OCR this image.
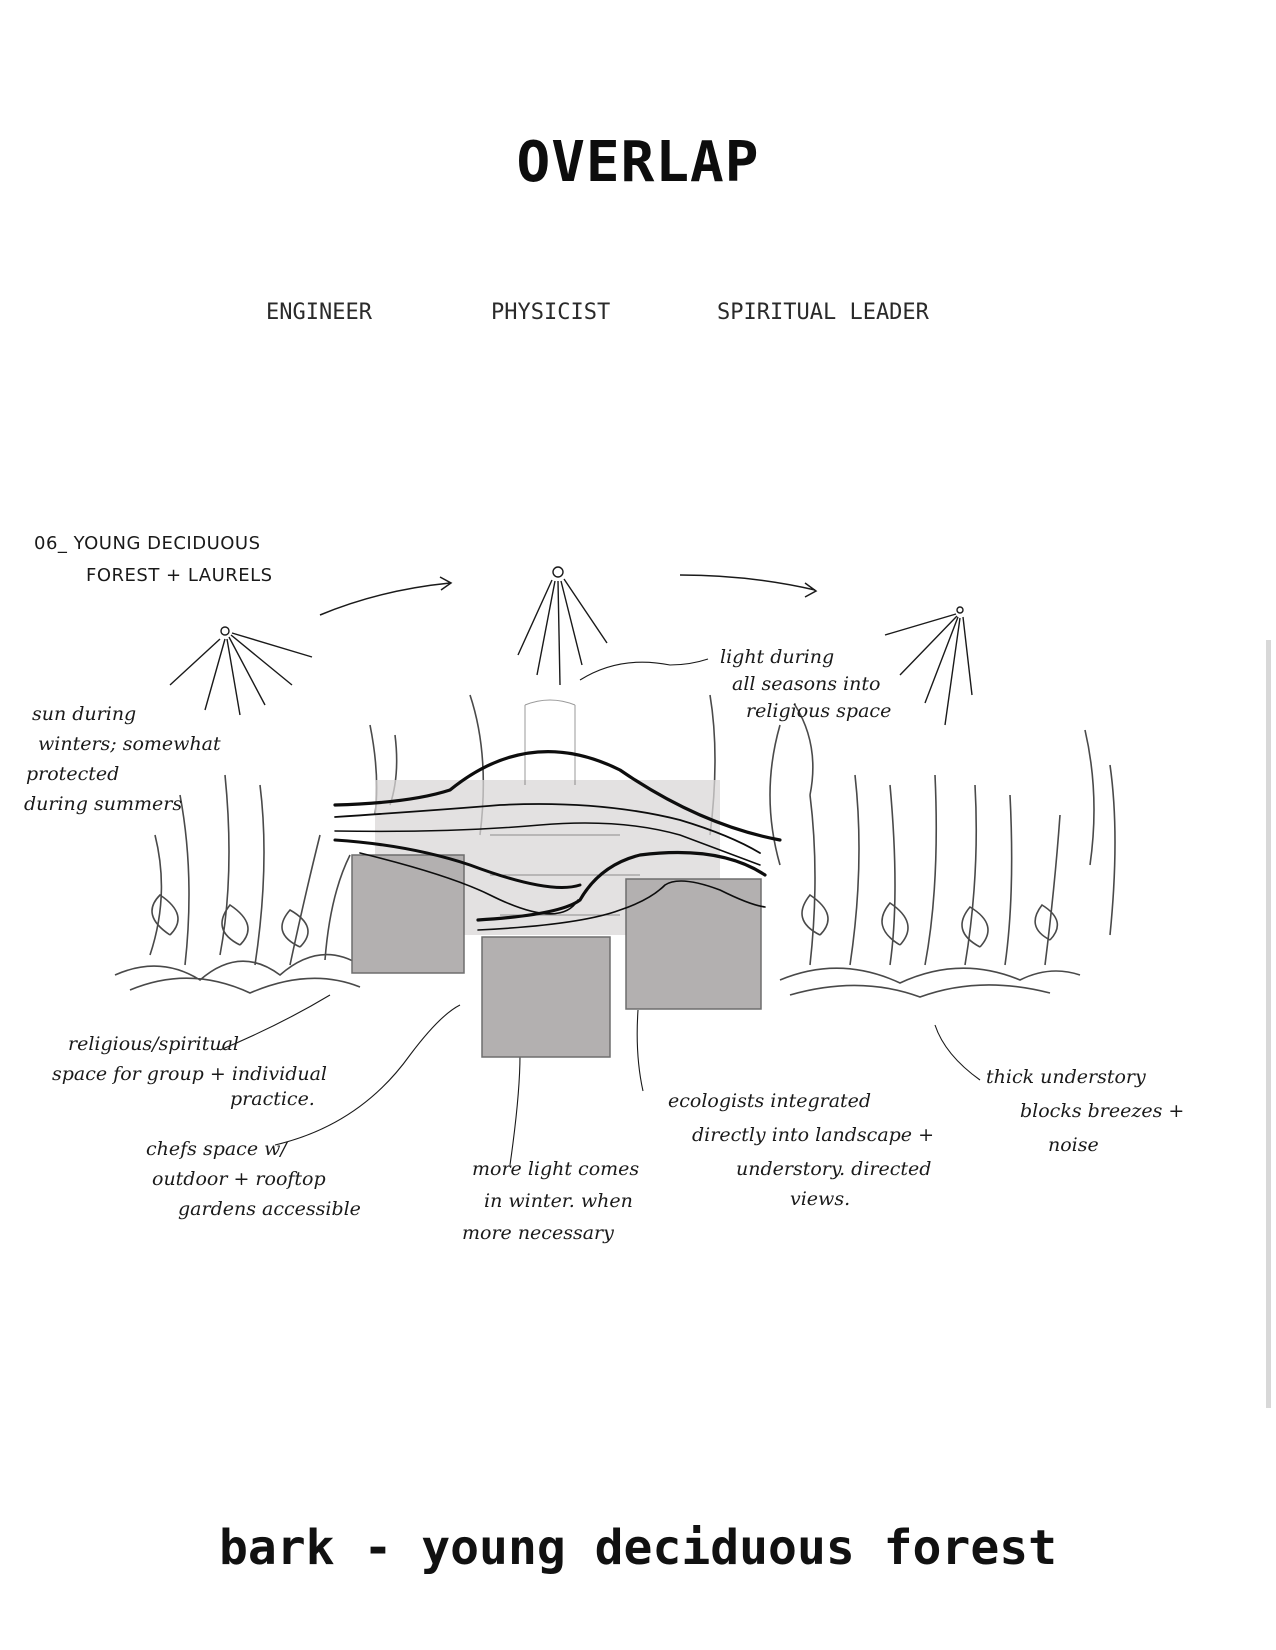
OVERLAP
ENGINEER	PHYSICIST	SPIRITUAL LEADER
06_ YOUNG DECIDUOUS
FOREST + LAURELS
sun during
winters; somewhat
protected
during summers
light during
all seasons into
religious space
religious/spiritual
space for group + individual
practice.
chefs space w/
outdoor + rooftop
gardens accessible
more light comes
in winter. when
more necessary
ecologists integrated
directly into landscape +
understory. directed
views.
thick understory
blocks breezes +
noise
bark - young deciduous forest
